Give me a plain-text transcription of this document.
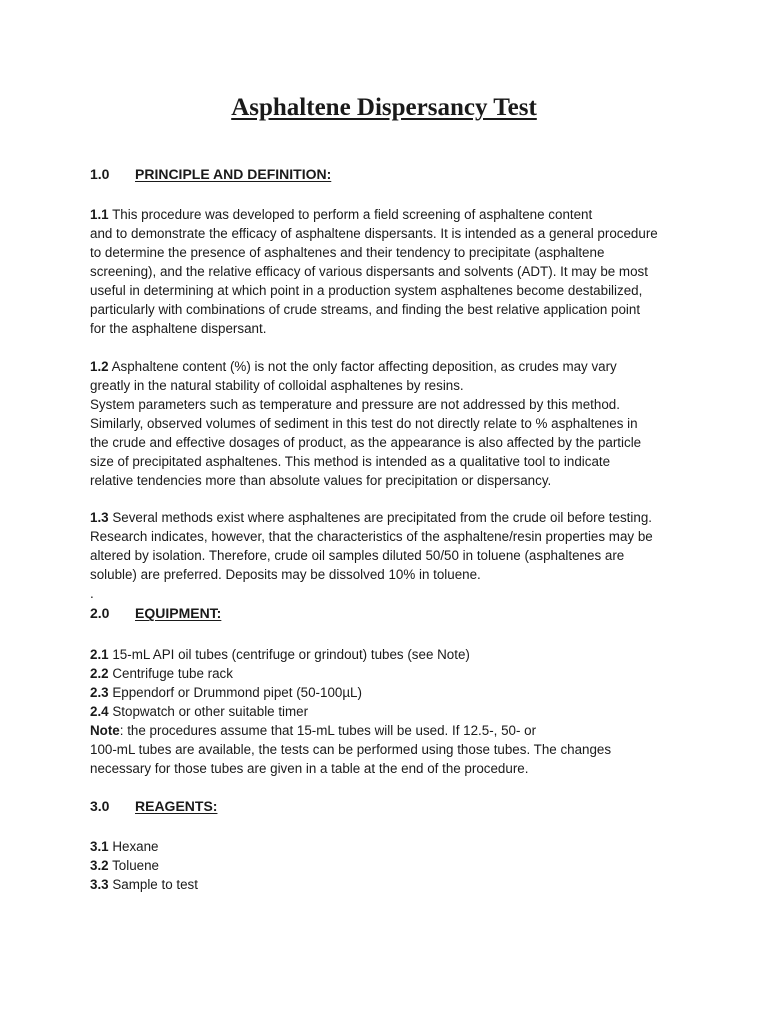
Asphaltene Dispersancy Test
1.0 PRINCIPLE AND DEFINITION:
1.1 This procedure was developed to perform a field screening of asphaltene content
and to demonstrate the efficacy of asphaltene dispersants. It is intended as a general procedure
to determine the presence of asphaltenes and their tendency to precipitate (asphaltene
screening), and the relative efficacy of various dispersants and solvents (ADT). It may be most
useful in determining at which point in a production system asphaltenes become destabilized,
particularly with combinations of crude streams, and finding the best relative application point
for the asphaltene dispersant.
1.2 Asphaltene content (%) is not the only factor affecting deposition, as crudes may vary
greatly in the natural stability of colloidal asphaltenes by resins.
System parameters such as temperature and pressure are not addressed by this method.
Similarly, observed volumes of sediment in this test do not directly relate to % asphaltenes in
the crude and effective dosages of product, as the appearance is also affected by the particle
size of precipitated asphaltenes. This method is intended as a qualitative tool to indicate
relative tendencies more than absolute values for precipitation or dispersancy.
1.3 Several methods exist where asphaltenes are precipitated from the crude oil before testing.
Research indicates, however, that the characteristics of the asphaltene/resin properties may be
altered by isolation. Therefore, crude oil samples diluted 50/50 in toluene (asphaltenes are
soluble) are preferred. Deposits may be dissolved 10% in toluene.
.
2.0 EQUIPMENT:
2.1 15-mL API oil tubes (centrifuge or grindout) tubes (see Note)
2.2 Centrifuge tube rack
2.3 Eppendorf or Drummond pipet (50-100µL)
2.4 Stopwatch or other suitable timer
Note: the procedures assume that 15-mL tubes will be used. If 12.5-, 50- or
100-mL tubes are available, the tests can be performed using those tubes. The changes
necessary for those tubes are given in a table at the end of the procedure.
3.0 REAGENTS:
3.1 Hexane
3.2 Toluene
3.3 Sample to test
